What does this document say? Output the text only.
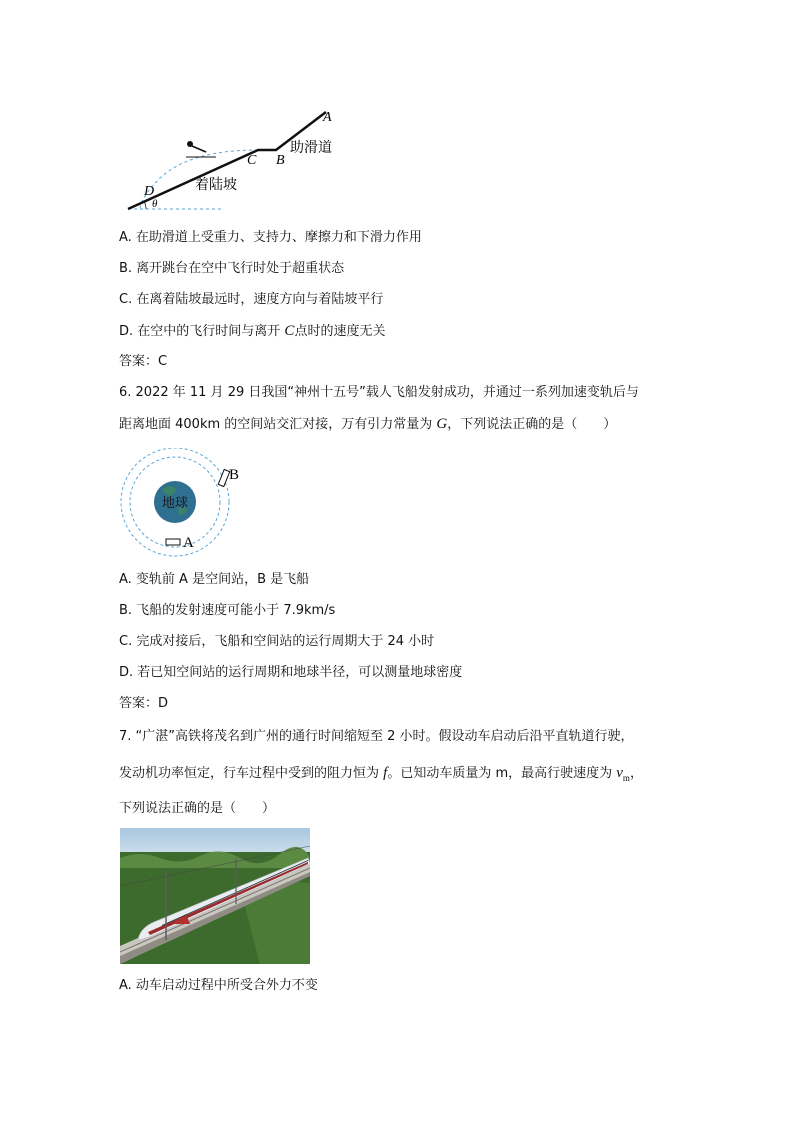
A
B
C
D
θ
助滑道
着陆坡
A. 在助滑道上受重力、支持力、摩擦力和下滑力作用
B. 离开跳台在空中飞行时处于超重状态
C. 在离着陆坡最远时，速度方向与着陆坡平行
D. 在空中的飞行时间与离开 C点时的速度无关
答案：C
6. 2022 年 11 月 29 日我国“神州十五号”载人飞船发射成功，并通过一系列加速变轨后与
距离地面 400km 的空间站交汇对接，万有引力常量为 G，下列说法正确的是（　　）
地球
B
A
A. 变轨前 A 是空间站，B 是飞船
B. 飞船的发射速度可能小于 7.9km/s
C. 完成对接后，飞船和空间站的运行周期大于 24 小时
D. 若已知空间站的运行周期和地球半径，可以测量地球密度
答案：D
7. “广湛”高铁将茂名到广州的通行时间缩短至 2 小时。假设动车启动后沿平直轨道行驶，
发动机功率恒定，行车过程中受到的阻力恒为 f。已知动车质量为 m，最高行驶速度为 $v_m$，
下列说法正确的是（　　）
A. 动车启动过程中所受合外力不变
